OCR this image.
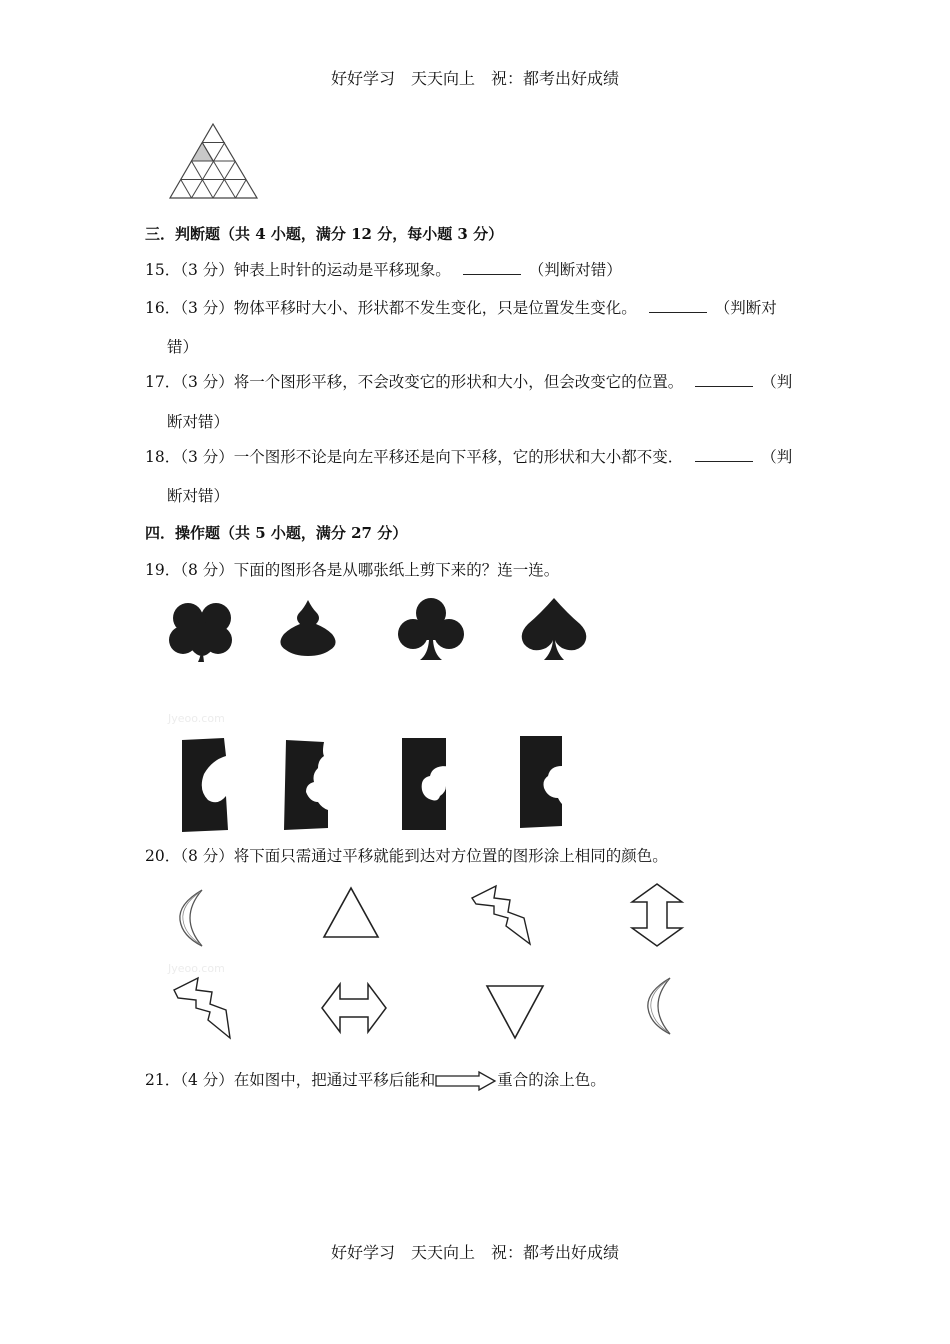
好好学习　天天向上　祝：都考出好成绩
三．判断题（共 4 小题，满分 12 分，每小题 3 分）
15．（3 分）钟表上时针的运动是平移现象。	（判断对错）
16．（3 分）物体平移时大小、形状都不发生变化，只是位置发生变化。	（判断对
错）
17．（3 分）将一个图形平移，不会改变它的形状和大小，但会改变它的位置。	（判
断对错）
18．（3 分）一个图形不论是向左平移还是向下平移，它的形状和大小都不变．	（判
断对错）
四．操作题（共 5 小题，满分 27 分）
19．（8 分）下面的图形各是从哪张纸上剪下来的？连一连。
Jyeoo.com
20．（8 分）将下面只需通过平移就能到达对方位置的图形涂上相同的颜色。
Jyeoo.com
21．（4 分）在如图中，把通过平移后能和	重合的涂上色。
好好学习　天天向上　祝：都考出好成绩
